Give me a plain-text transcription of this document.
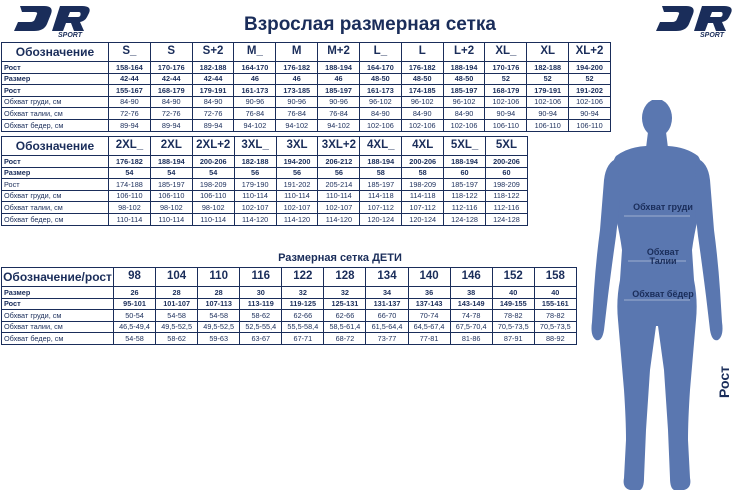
SPORT	SPORT
Взрослая размерная сетка
Обозначение	S_	S	S+2	M_	M	M+2	L_	L	L+2	XL_	XL	XL+2
Рост	158-164	170-176	182-188	164-170	176-182	188-194	164-170	176-182	188-194	170-176	182-188	194-200
Размер	42-44	42-44	42-44	46	46	46	48-50	48-50	48-50	52	52	52
Рост	155-167	168-179	179-191	161-173	173-185	185-197	161-173	174-185	185-197	168-179	179-191	191-202
Обхват груди, см	84-90	84-90	84-90	90-96	90-96	90-96	96-102	96-102	96-102	102-106	102-106	102-106
Обхват талии, см	72-76	72-76	72-76	76-84	76-84	76-84	84-90	84-90	84-90	90-94	90-94	90-94
Обхват бедер, см	89-94	89-94	89-94	94-102	94-102	94-102	102-106	102-106	102-106	106-110	106-110	106-110
Обозначение	2XL_	2XL	2XL+2	3XL_	3XL	3XL+2	4XL_	4XL	5XL_	5XL
Рост	176-182	188-194	200-206	182-188	194-200	206-212	188-194	200-206	188-194	200-206
Размер	54	54	54	56	56	56	58	58	60	60
Рост	174-188	185-197	198-209	179-190	191-202	205-214	185-197	198-209	185-197	198-209
Обхват груди, см	106-110	106-110	106-110	110-114	110-114	110-114	114-118	114-118	118-122	118-122
Обхват талии, см	98-102	98-102	98-102	102-107	102-107	102-107	107-112	107-112	112-116	112-116
Обхват бедер, см	110-114	110-114	110-114	114-120	114-120	114-120	120-124	120-124	124-128	124-128
Размерная сетка ДЕТИ
Обозначение/рост	98	104	110	116	122	128	134	140	146	152	158
Размер	26	28	28	30	32	32	34	36	38	40	40
Рост	95-101	101-107	107-113	113-119	119-125	125-131	131-137	137-143	143-149	149-155	155-161
Обхват груди, см	50-54	54-58	54-58	58-62	62-66	62-66	66-70	70-74	74-78	78-82	78-82
Обхват талии, см	46,5-49,4	49,5-52,5	49,5-52,5	52,5-55,4	55,5-58,4	58,5-61,4	61,5-64,4	64,5-67,4	67,5-70,4	70,5-73,5	70,5-73,5
Обхват бедер, см	54-58	58-62	59-63	63-67	67-71	68-72	73-77	77-81	81-86	87-91	88-92
Обхват груди
Обхват
Талии
Обхват бёдер
Рост
